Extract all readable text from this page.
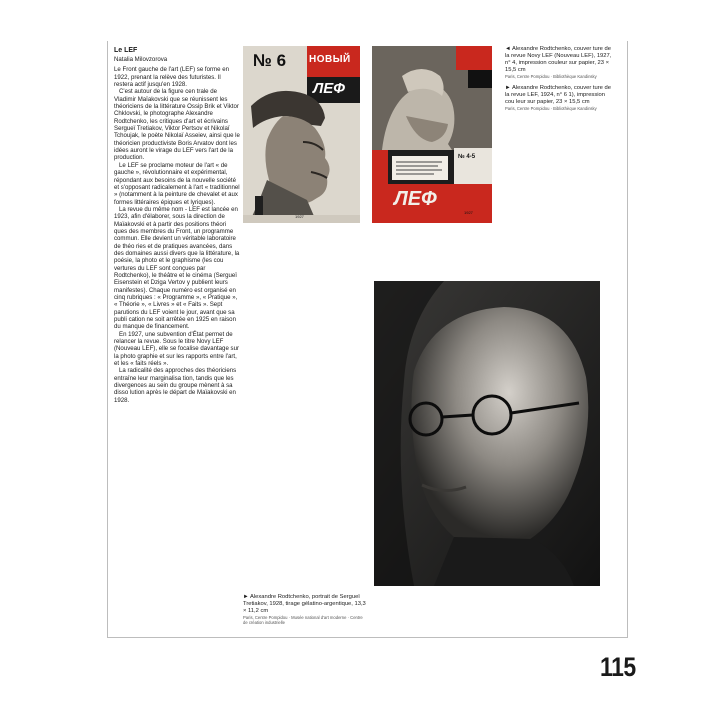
Le LEF
Natalia Milovzorova

Le Front gauche de l'art (LEF) se forme en 1922, prenant la relève des futuristes. Il restera actif jusqu'en 1928.

C'est autour de la figure cen trale de Vladimir Maïakovski que se réunissent les théoriciens de la littérature Ossip Brik et Viktor Chklovski, le photographe Alexandre Rodtchenko, les critiques d'art et écrivains Sergueï Tretiakov, Viktor Pertsov et Nikolaï Tchoujak, le poète Nikolaï Asseiev, ainsi que le théoricien productiviste Boris Arvatov dont les idées auront le virage du LEF vers l'art de la production.

Le LEF se proclame moteur de l'art « de gauche », révolutionnaire et expérimental, répondant aux besoins de la nouvelle société et s'opposant radicalement à l'art « traditionnel » (notamment à la peinture de chevalet et aux formes littéraires épiques et lyriques).

La revue du même nom - LEF est lancée en 1923, afin d'élaborer, sous la direction de Maïakovski et à partir des positions théori ques des membres du Front, un programme commun. Elle devient un véritable laboratoire de théo ries et de pratiques avancées, dans des domaines aussi divers que la littérature, la poésie, la photo et le graphisme (les cou vertures du LEF sont conçues par Rodtchenko), le théâtre et le cinéma (Sergueï Eisenstein et Dziga Vertov y publient leurs manifestes). Chaque numéro est organisé en cinq rubriques : « Programme », « Pratique », « Théorie », « Livres » et « Faits ». Sept parutions du LEF voient le jour, avant que sa publi cation ne soit arrêtée en 1925 en raison du manque de financement.

En 1927, une subvention d'État permet de relancer la revue. Sous le titre Novy LEF (Nouveau LEF), elle se focalise davantage sur la photo graphie et sur les rapports entre l'art, et les « faits réels ».

La radicalité des approches des théoriciens entraîne leur marginalisa tion, tandis que les divergences au sein du groupe mènent à sa disso lution après le départ de Maïakovski en 1928.

№ 6 НОВЫЙ
ЛЕФ
1927
№ 4-5
ЛЕФ
1927

◄ Alexandre Rodtchenko, couver ture de la revue Novy LEF (Nouveau LEF), 1927, n° 4, impression couleur sur papier, 23 × 15,5 cm

Paris, Centre Pompidou · Bibliothèque Kandinsky

► Alexandre Rodtchenko, couver ture de la revue LEF, 1924, n° 6 1), impression cou leur sur papier, 23 × 15,5 cm

Paris, Centre Pompidou · Bibliothèque Kandinsky

► Alexandre Rodtchenko, portrait de Sergueï Tretiakov, 1928, tirage gélatino-argentique, 13,3 × 11,2 cm
Paris, Centre Pompidou · Musée national d'art moderne · Centre de création industrielle
115
